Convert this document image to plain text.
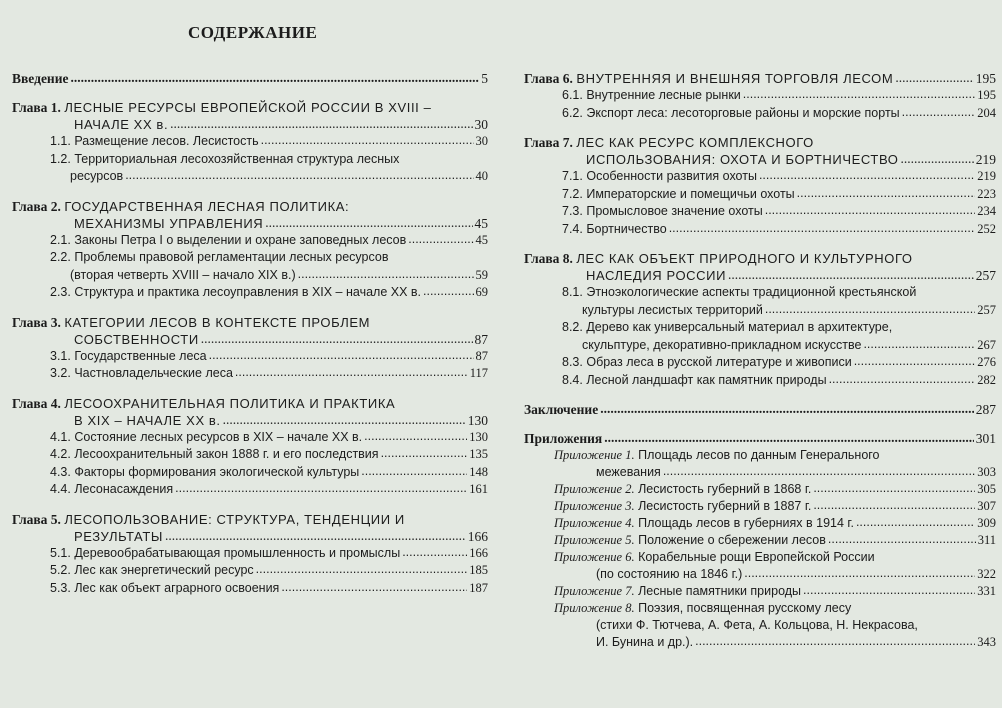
СОДЕРЖАНИЕ
Введение .....	5
Глава 1. ЛЕСНЫЕ РЕСУРСЫ ЕВРОПЕЙСКОЙ РОССИИ В XVIII –
НАЧАЛЕ XX в. .....	30
1.1. Размещение лесов. Лесистость .....	30
1.2. Территориальная лесохозяйственная структура лесных
ресурсов .....	40
Глава 2. ГОСУДАРСТВЕННАЯ ЛЕСНАЯ ПОЛИТИКА:
МЕХАНИЗМЫ УПРАВЛЕНИЯ .....	45
2.1. Законы Петра I о выделении и охране заповедных лесов .....	45
2.2. Проблемы правовой регламентации лесных ресурсов
(вторая четверть XVIII – начало XIX в.) .....	59
2.3. Структура и практика лесоуправления в XIX – начале XX в. .....	69
Глава 3. КАТЕГОРИИ ЛЕСОВ В КОНТЕКСТЕ ПРОБЛЕМ
СОБСТВЕННОСТИ .....	87
3.1. Государственные леса .....	87
3.2. Частновладельческие леса .....	117
Глава 4. ЛЕСООХРАНИТЕЛЬНАЯ ПОЛИТИКА И ПРАКТИКА
В XIX – НАЧАЛЕ XX в. .....	130
4.1. Состояние лесных ресурсов в XIX – начале XX в. .....	130
4.2. Лесоохранительный закон 1888 г. и его последствия .....	135
4.3. Факторы формирования экологической культуры .....	148
4.4. Лесонасаждения .....	161
Глава 5. ЛЕСОПОЛЬЗОВАНИЕ: СТРУКТУРА, ТЕНДЕНЦИИ И
РЕЗУЛЬТАТЫ .....	166
5.1. Деревообрабатывающая промышленность и промыслы .....	166
5.2. Лес как энергетический ресурс .....	185
5.3. Лес как объект аграрного освоения .....	187
Глава 6. ВНУТРЕННЯЯ И ВНЕШНЯЯ ТОРГОВЛЯ ЛЕСОМ .....	195
6.1. Внутренние лесные рынки .....	195
6.2. Экспорт леса: лесоторговые районы и морские порты .....	204
Глава 7. ЛЕС КАК РЕСУРС КОМПЛЕКСНОГО
ИСПОЛЬЗОВАНИЯ: ОХОТА И БОРТНИЧЕСТВО .....	219
7.1. Особенности развития охоты .....	219
7.2. Императорские и помещичьи охоты .....	223
7.3. Промысловое значение охоты .....	234
7.4. Бортничество .....	252
Глава 8. ЛЕС КАК ОБЪЕКТ ПРИРОДНОГО И КУЛЬТУРНОГО
НАСЛЕДИЯ РОССИИ .....	257
8.1. Этноэкологические аспекты традиционной крестьянской
культуры лесистых территорий .....	257
8.2. Дерево как универсальный материал в архитектуре,
скульптуре, декоративно-прикладном искусстве .....	267
8.3. Образ леса в русской литературе и живописи .....	276
8.4. Лесной ландшафт как памятник природы .....	282
Заключение .....	287
Приложения .....	301
Приложение 1. Площадь лесов по данным Генерального
межевания .....	303
Приложение 2. Лесистость губерний в 1868 г. .....	305
Приложение 3. Лесистость губерний в 1887 г. .....	307
Приложение 4. Площадь лесов в губерниях в 1914 г. .....	309
Приложение 5. Положение о сбережении лесов .....	311
Приложение 6. Корабельные рощи Европейской России
(по состоянию на 1846 г.) .....	322
Приложение 7. Лесные памятники природы .....	331
Приложение 8. Поэзия, посвященная русскому лесу
(стихи Ф. Тютчева, А. Фета, А. Кольцова, Н. Некрасова,
И. Бунина и др.). .....	343
